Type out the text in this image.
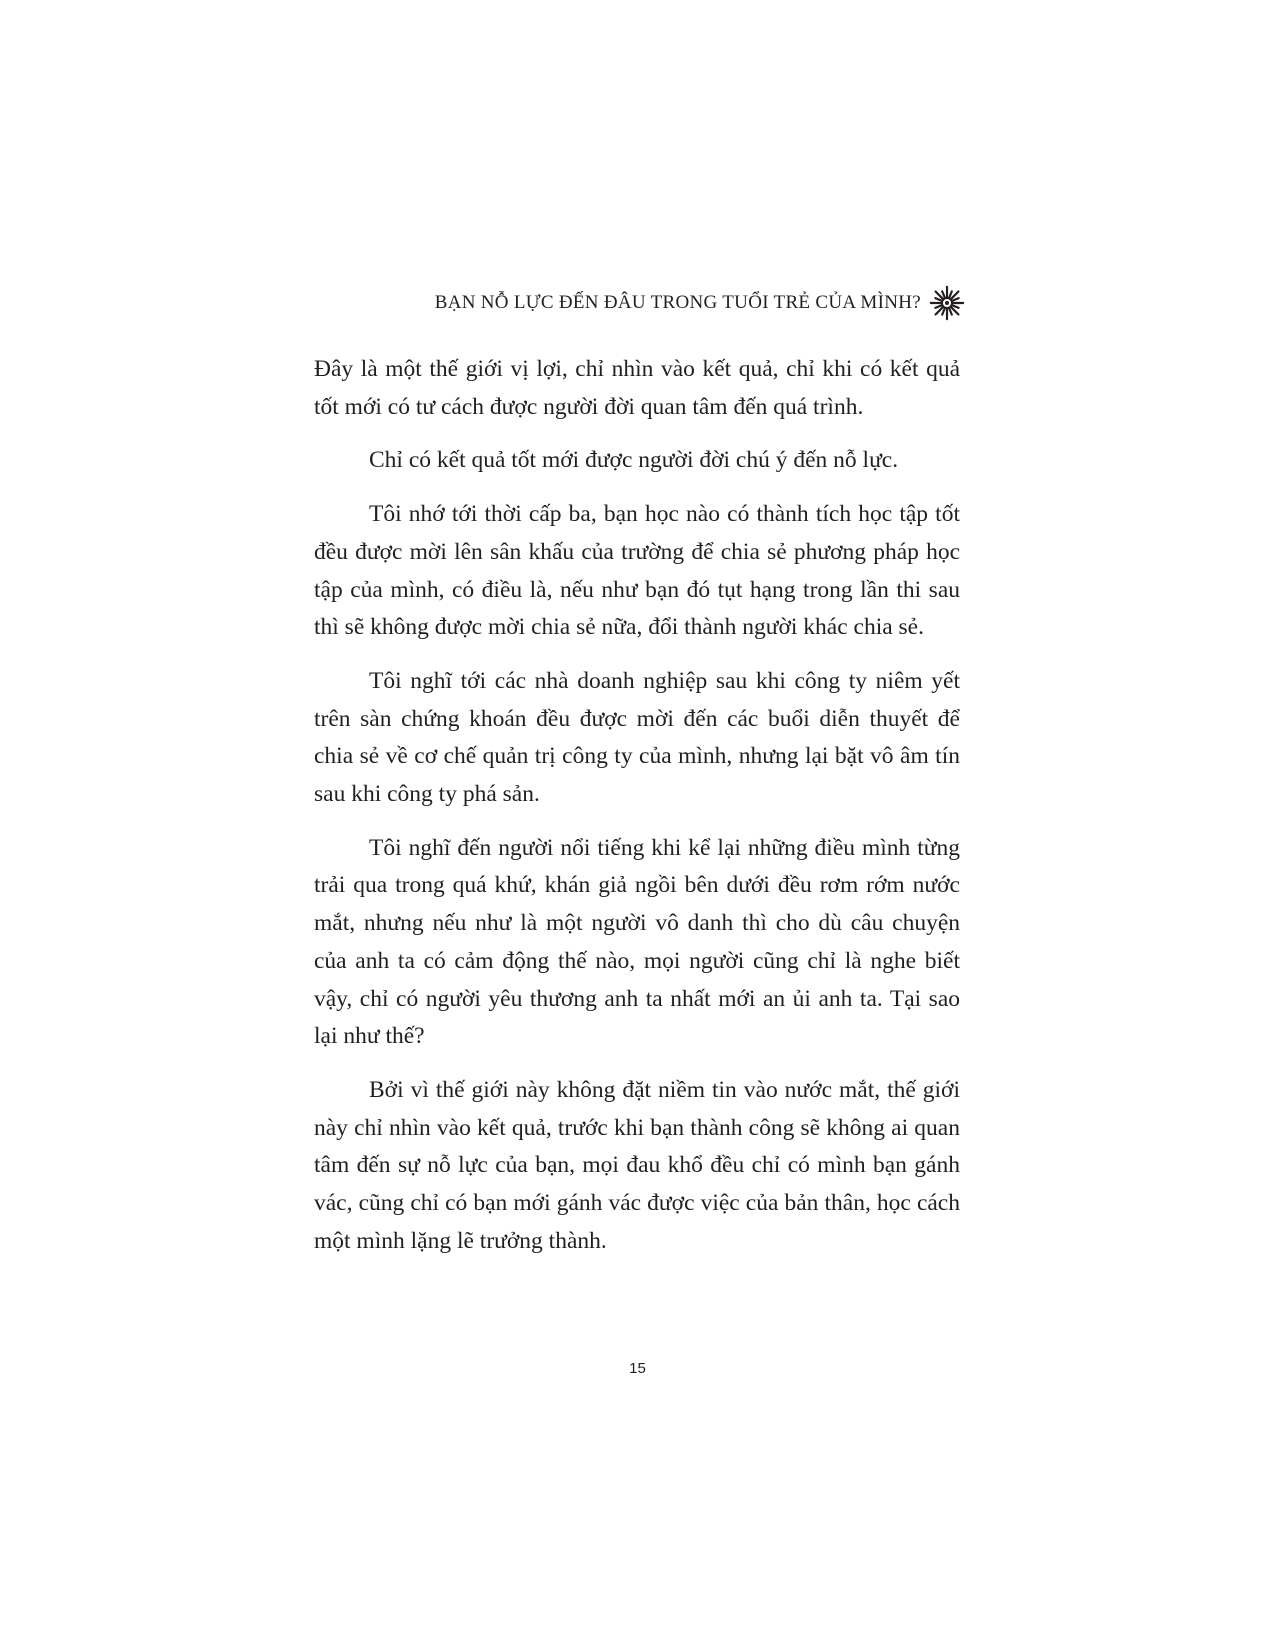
BẠN NỖ LỰC ĐẾN ĐÂU TRONG TUỔI TRẺ CỦA MÌNH?

Đây là một thế giới vị lợi, chỉ nhìn vào kết quả, chỉ khi có kết quả tốt mới có tư cách được người đời quan tâm đến quá trình.

Chỉ có kết quả tốt mới được người đời chú ý đến nỗ lực.

Tôi nhớ tới thời cấp ba, bạn học nào có thành tích học tập tốt đều được mời lên sân khấu của trường để chia sẻ phương pháp học tập của mình, có điều là, nếu như bạn đó tụt hạng trong lần thi sau thì sẽ không được mời chia sẻ nữa, đổi thành người khác chia sẻ.

Tôi nghĩ tới các nhà doanh nghiệp sau khi công ty niêm yết trên sàn chứng khoán đều được mời đến các buổi diễn thuyết để chia sẻ về cơ chế quản trị công ty của mình, nhưng lại bặt vô âm tín sau khi công ty phá sản.

Tôi nghĩ đến người nổi tiếng khi kể lại những điều mình từng trải qua trong quá khứ, khán giả ngồi bên dưới đều rơm rớm nước mắt, nhưng nếu như là một người vô danh thì cho dù câu chuyện của anh ta có cảm động thế nào, mọi người cũng chỉ là nghe biết vậy, chỉ có người yêu thương anh ta nhất mới an ủi anh ta. Tại sao lại như thế?

Bởi vì thế giới này không đặt niềm tin vào nước mắt, thế giới này chỉ nhìn vào kết quả, trước khi bạn thành công sẽ không ai quan tâm đến sự nỗ lực của bạn, mọi đau khổ đều chỉ có mình bạn gánh vác, cũng chỉ có bạn mới gánh vác được việc của bản thân, học cách một mình lặng lẽ trưởng thành.

15
